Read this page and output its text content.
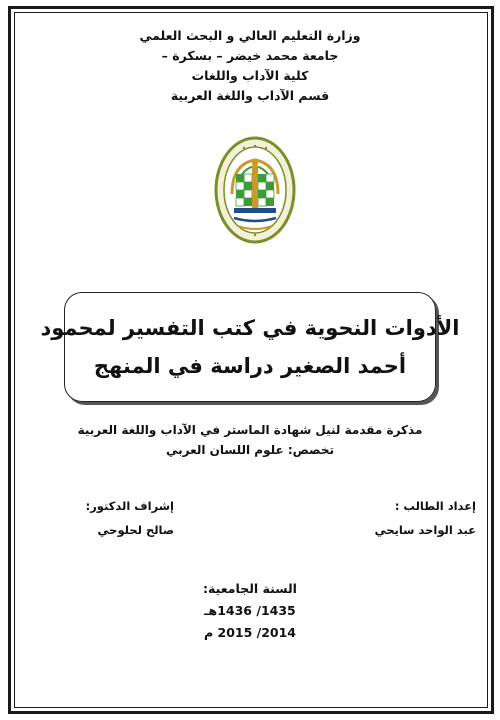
وزارة التعليم العالي و البحث العلمي
جامعة محمد خيضر – بسكرة –
كلية الآداب واللغات
قسم الآداب واللغة العربية
الأدوات النحوية في كتب التفسير لمحمود
أحمد الصغير دراسة في المنهج
مذكرة مقدمة لنيل شهادة الماستر في الآداب واللغة العربية
تخصص: علوم اللسان العربي
إعداد الطالب :
عبد الواحد سايحي
إشراف الدكتور:
صالح لحلوحي
السنة الجامعية:
1435/ 1436هـ
2014/ 2015 م
